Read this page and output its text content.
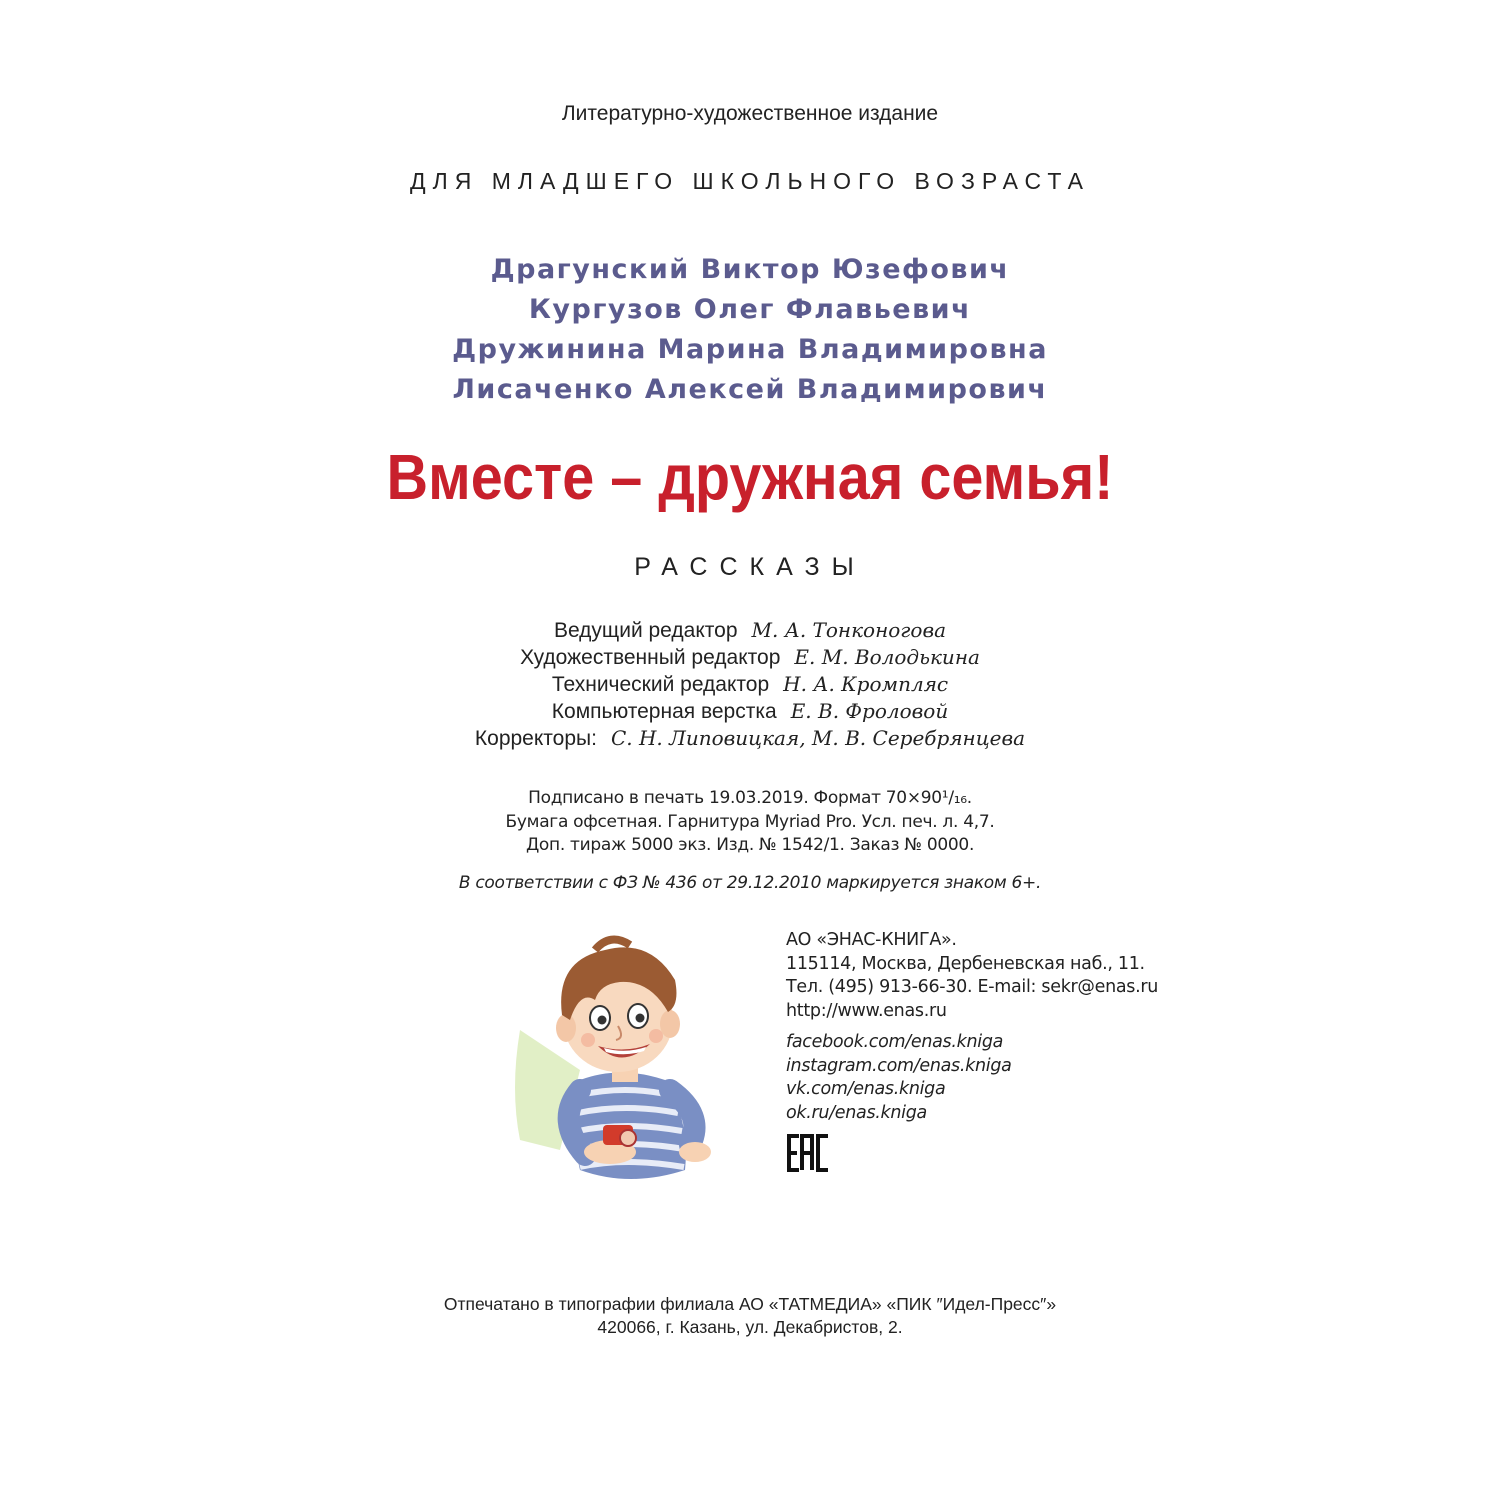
Литературно-художественное издание
ДЛЯ МЛАДШЕГО ШКОЛЬНОГО ВОЗРАСТА
Драгунский Виктор Юзефович
Кургузов Олег Флавьевич
Дружинина Марина Владимировна
Лисаченко Алексей Владимирович
Вместе – дружная семья!
РАССКАЗЫ
Ведущий редактор М. А. Тонконогова
Художественный редактор Е. М. Володькина
Технический редактор Н. А. Кромпляс
Компьютерная верстка Е. В. Фроловой
Корректоры: С. Н. Липовицкая, М. В. Серебрянцева
Подписано в печать 19.03.2019. Формат 70×90¹/₁₆.
Бумага офсетная. Гарнитура Myriad Pro. Усл. печ. л. 4,7.
Доп. тираж 5000 экз. Изд. № 1542/1. Заказ № 0000.
В соответствии с ФЗ № 436 от 29.12.2010 маркируется знаком 6+.
АО «ЭНАС-КНИГА».
115114, Москва, Дербеневская наб., 11.
Тел. (495) 913-66-30. E-mail: sekr@enas.ru
http://www.enas.ru
facebook.com/enas.kniga
instagram.com/enas.kniga
vk.com/enas.kniga
ok.ru/enas.kniga
Отпечатано в типографии филиала АО «ТАТМЕДИА» «ПИК ″Идел-Пресс″»
420066, г. Казань, ул. Декабристов, 2.
